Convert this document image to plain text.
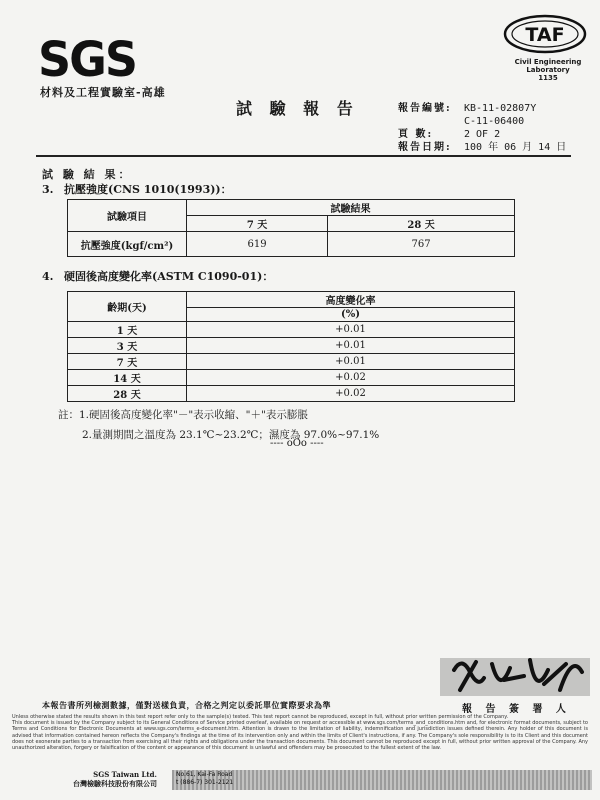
SGS
材料及工程實驗室-高雄
試 驗 報 告
TAF
Civil Engineering
Laboratory
1135
報告編號:	KB-11-02807Y
C-11-06400
頁 數:	2 OF 2
報告日期:	100 年 06 月 14 日
試 驗 結 果：
3. 抗壓強度(CNS 1010(1993))：
試驗項目	試驗結果	
	7 天	28 天
抗壓強度(kgf/cm²)	619	767
4. 硬固後高度變化率(ASTM C1090-01)：
齡期(天)	高度變化率
	(%)
1 天	+0.01
3 天	+0.01
7 天	+0.01
14 天	+0.02
28 天	+0.02
註：1.硬固後高度變化率"－"表示收縮、"＋"表示膨脹
2.量測期間之溫度為 23.1℃~23.2℃；濕度為 97.0%~97.1%
---- oOo ----
報 告 簽 署 人
本報告書所列檢測數據，僅對送樣負責，合格之判定以委託單位實際要求為準
Unless otherwise stated the results shown in this test report refer only to the sample(s) tested. This test report cannot be reproduced, except in full, without prior written permission of the Company.
This document is issued by the Company subject to its General Conditions of Service printed overleaf, available on request or accessible at www.sgs.com/terms_and_conditions.htm and, for electronic format documents, subject to Terms and Conditions for Electronic Documents at www.sgs.com/terms_e-document.htm. Attention is drawn to the limitation of liability, indemnification and jurisdiction issues defined therein. Any holder of this document is advised that information contained hereon reflects the Company's findings at the time of its intervention only and within the limits of Client's instructions, if any. The Company's sole responsibility is to its Client and this document does not exonerate parties to a transaction from exercising all their rights and obligations under the transaction documents. This document cannot be reproduced except in full, without prior written approval of the Company. Any unauthorized alteration, forgery or falsification of the content or appearance of this document is unlawful and offenders may be prosecuted to the fullest extent of the law.
SGS Taiwan Ltd.
台灣檢驗科技股份有限公司
No.61, Kai-Fa Road
t (886-7) 301-2121
